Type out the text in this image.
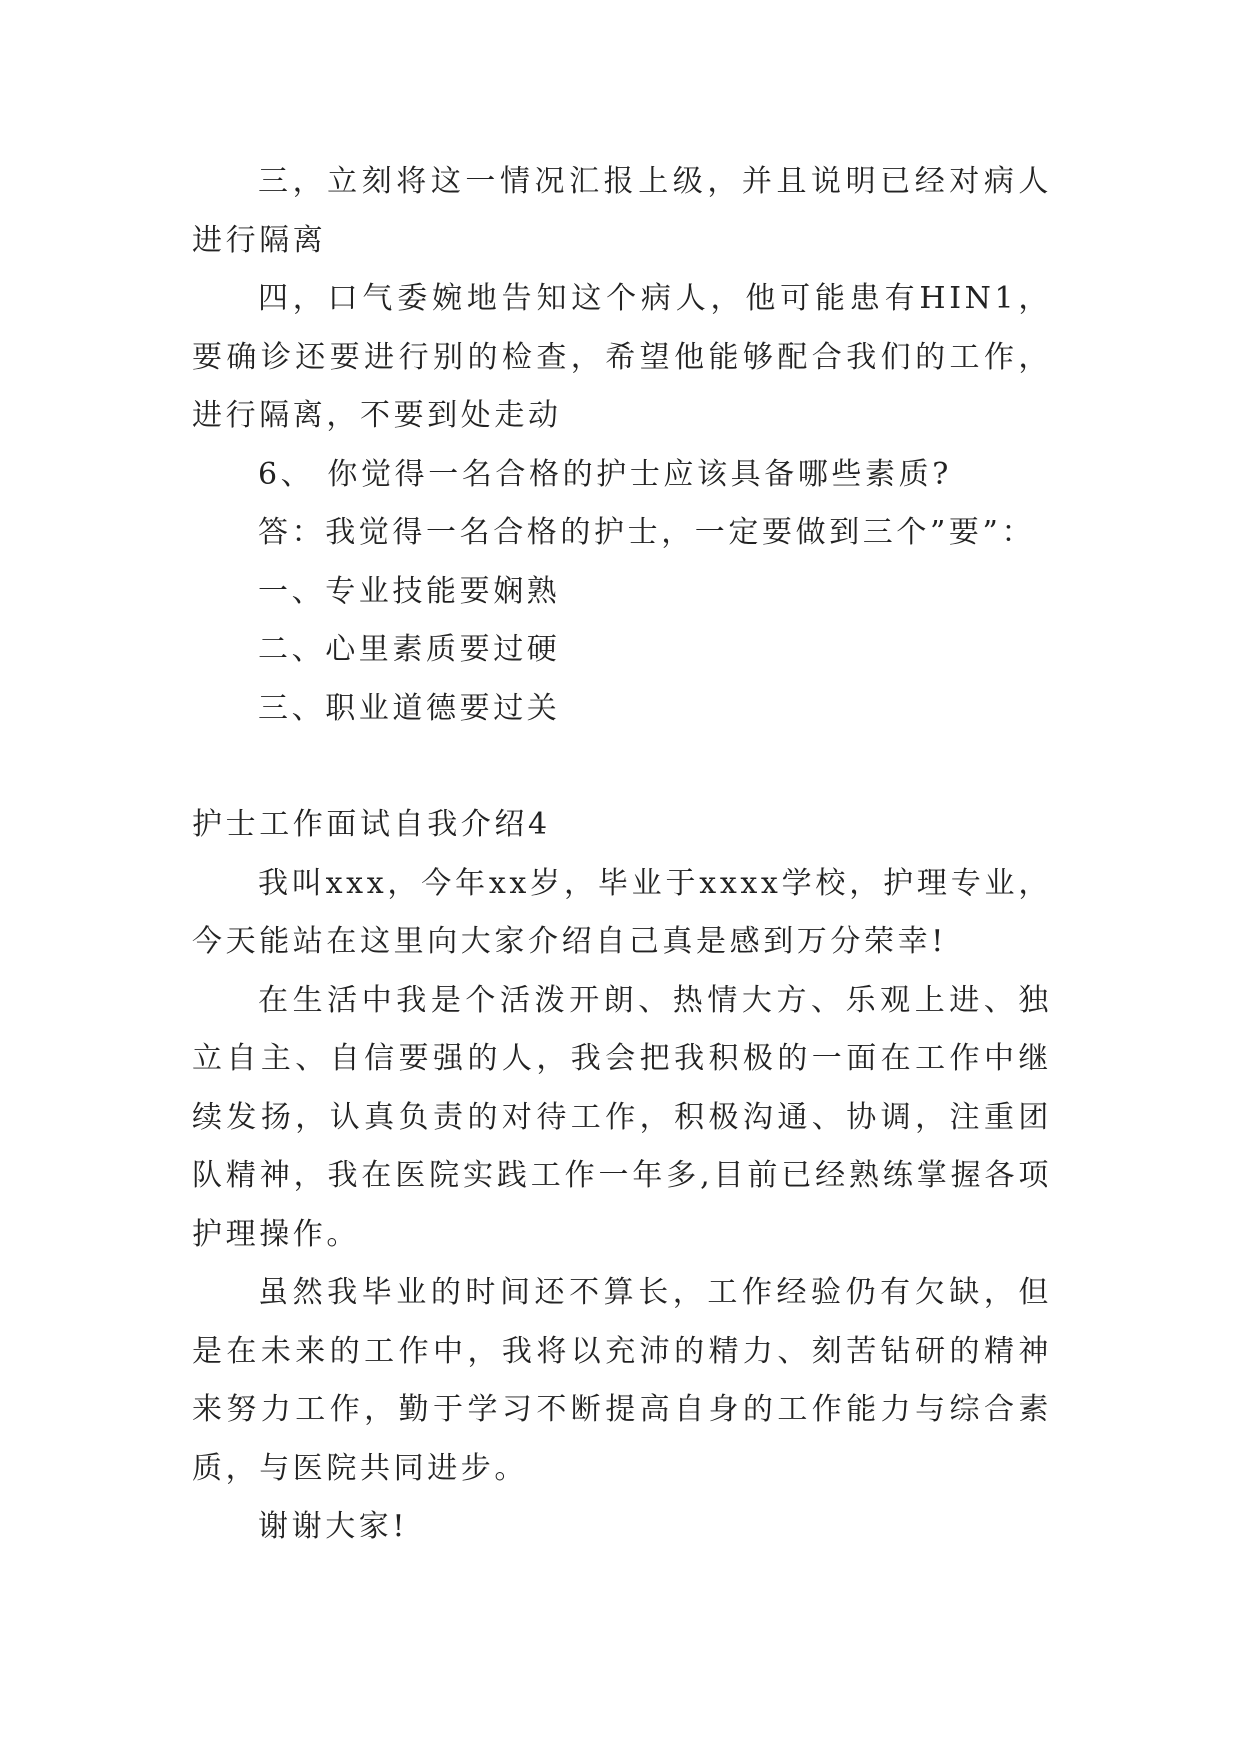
三，立刻将这一情况汇报上级，并且说明已经对病人进行隔离

四，口气委婉地告知这个病人，他可能患有HIN1，要确诊还要进行别的检查，希望他能够配合我们的工作，进行隔离，不要到处走动

6、 你觉得一名合格的护士应该具备哪些素质?

答：我觉得一名合格的护士，一定要做到三个”要”：

一、专业技能要娴熟

二、心里素质要过硬

三、职业道德要过关

护士工作面试自我介绍4

我叫xxx，今年xx岁，毕业于xxxx学校，护理专业，今天能站在这里向大家介绍自己真是感到万分荣幸!

在生活中我是个活泼开朗、热情大方、乐观上进、独立自主、自信要强的人，我会把我积极的一面在工作中继续发扬，认真负责的对待工作，积极沟通、协调，注重团队精神，我在医院实践工作一年多,目前已经熟练掌握各项护理操作。

虽然我毕业的时间还不算长，工作经验仍有欠缺，但是在未来的工作中，我将以充沛的精力、刻苦钻研的精神来努力工作，勤于学习不断提高自身的工作能力与综合素质，与医院共同进步。

谢谢大家!
